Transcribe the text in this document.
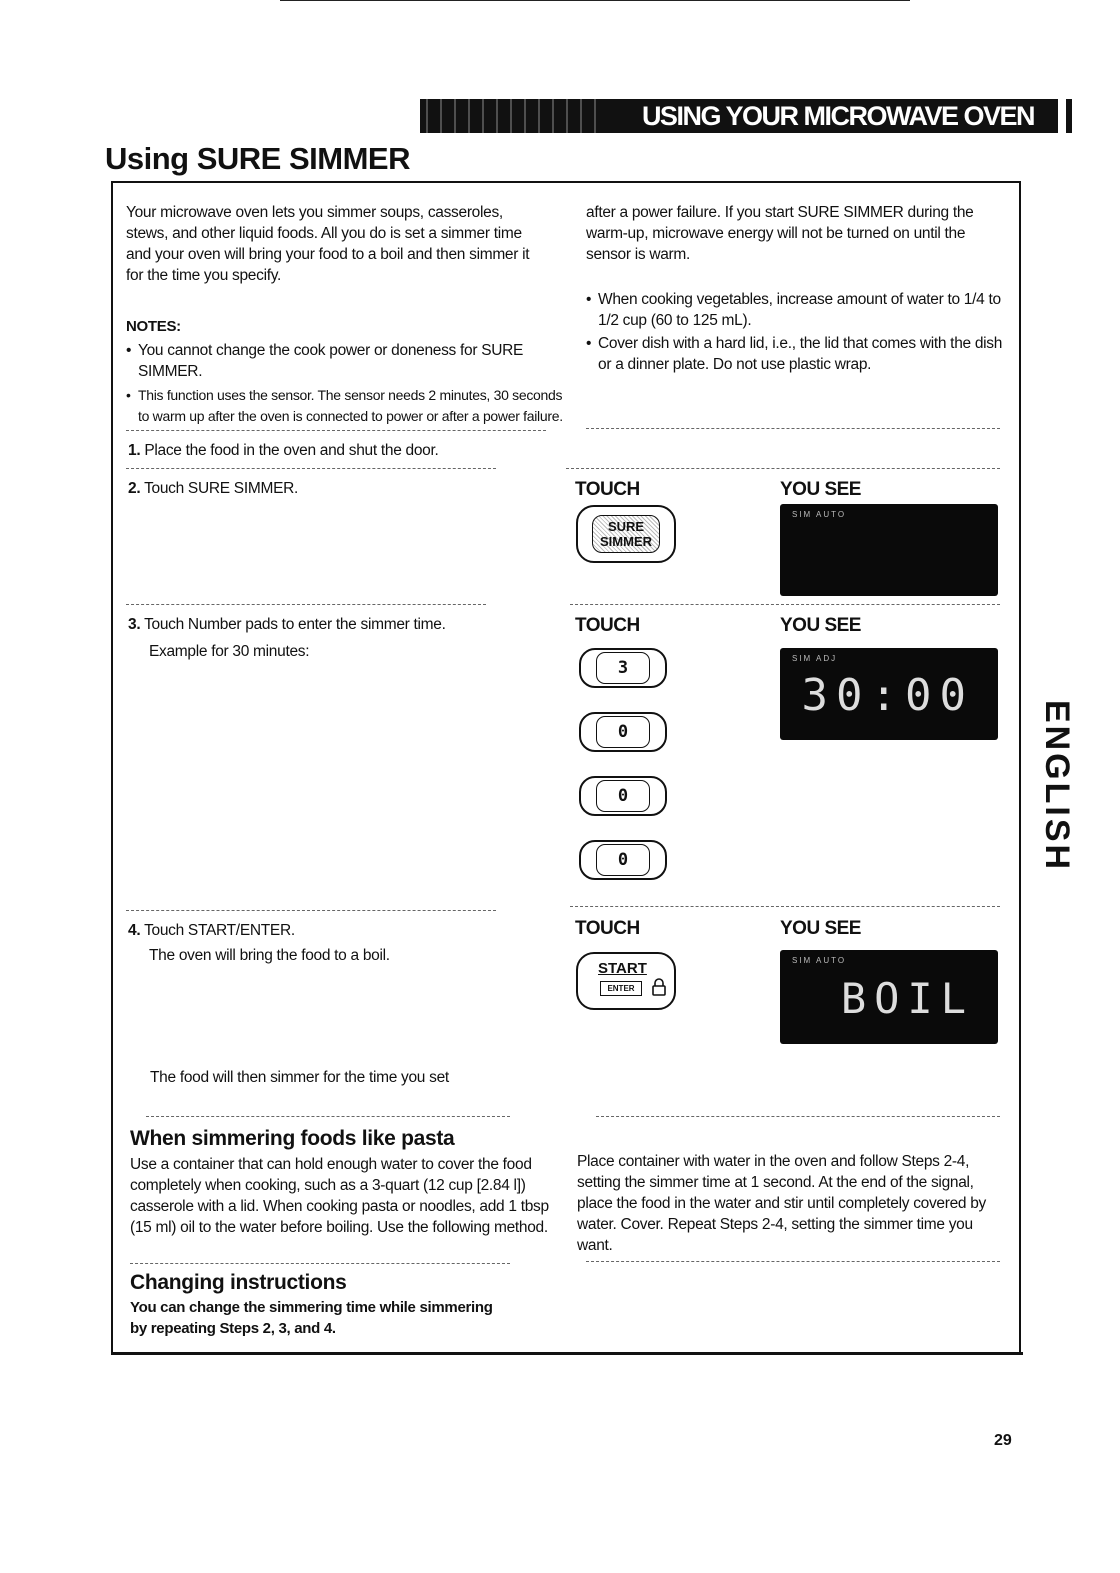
USING YOUR MICROWAVE OVEN
Using SURE SIMMER
Your microwave oven lets you simmer soups, casseroles, stews, and other liquid foods. All you do is set a simmer time and your oven will bring your food to a boil and then simmer it for the time you specify.
NOTES:
• You cannot change the cook power or doneness for SURE SIMMER.
• This function uses the sensor. The sensor needs 2 minutes, 30 seconds to warm up after the oven is connected to power or after a power failure.
after a power failure. If you start SURE SIMMER during the warm-up, microwave energy will not be turned on until the sensor is warm.
• When cooking vegetables, increase amount of water to 1/4 to 1/2 cup (60 to 125 mL).
• Cover dish with a hard lid, i.e., the lid that comes with the dish or a dinner plate. Do not use plastic wrap.
1. Place the food in the oven and shut the door.
2. Touch SURE SIMMER.	TOUCH	YOU SEE
SURE
SIMMER
SIM AUTO
3. Touch Number pads to enter the simmer time.
Example for 30 minutes:
TOUCH	YOU SEE
3
0
0
0
SIM ADJ
30:00
4. Touch START/ENTER.
The oven will bring the food to a boil.
TOUCH	YOU SEE
START
ENTER
SIM AUTO
BOIL
The food will then simmer for the time you set
When simmering foods like pasta
Use a container that can hold enough water to cover the food completely when cooking, such as a 3-quart (12 cup [2.84 l]) casserole with a lid. When cooking pasta or noodles, add 1 tbsp (15 ml) oil to the water before boiling. Use the following method.
Place container with water in the oven and follow Steps 2-4, setting the simmer time at 1 second. At the end of the signal, place the food in the water and stir until completely covered by water. Cover. Repeat Steps 2-4, setting the simmer time you want.
Changing instructions
You can change the simmering time while simmering by repeating Steps 2, 3, and 4.
ENGLISH
29
